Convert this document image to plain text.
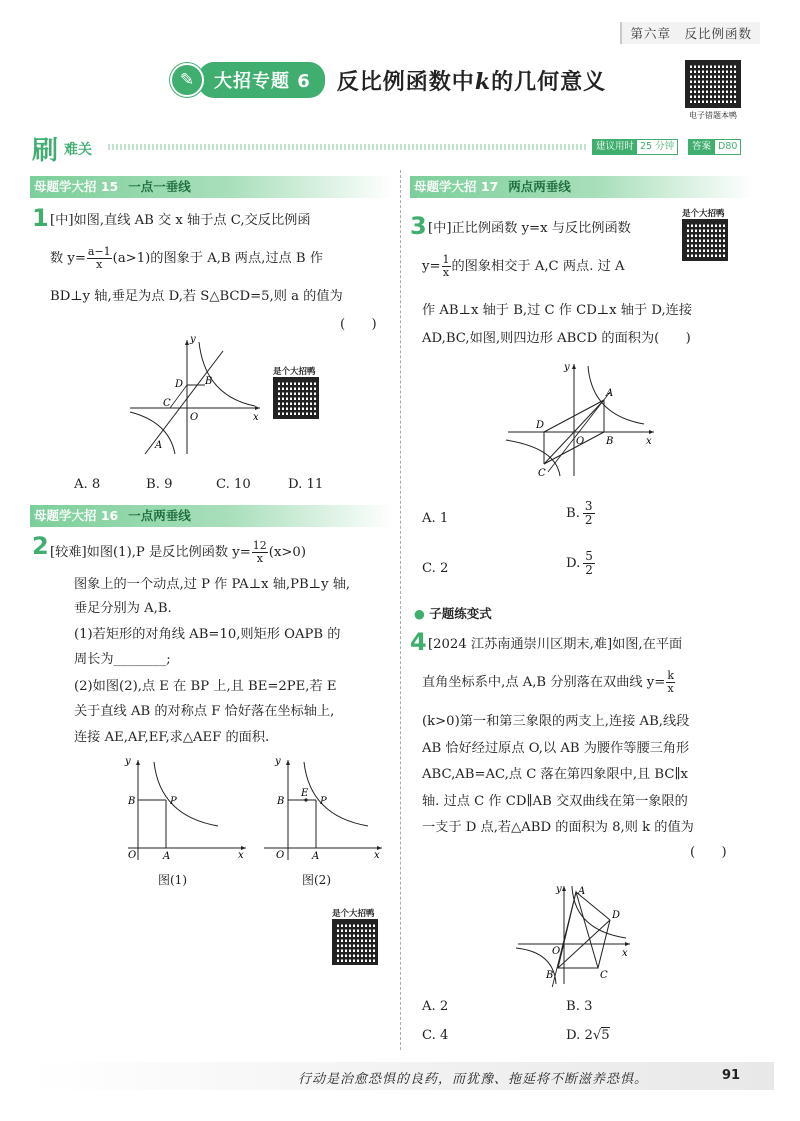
第六章　反比例函数
✎	大招专题 6	反比例函数中k的几何意义
电子错题本鸭
刷 难关	建议用时 25 分钟	答案 D80
母题学大招 15 一点一垂线
1 [中]如图,直线 AB 交 x 轴于点 C,交反比例函
数 $y= \frac{a-1}{x} (a>1)$的图象于 A,B 两点,过点 B 作
BD⊥y 轴,垂足为点 D,若 S△BCD=5,则 a 的值为
(　　)
y
x
O
D B
C
A
是个大招鸭
A. 8	B. 9	C. 10	D. 11
母题学大招 16 一点两垂线
2 [较难]如图(1),P 是反比例函数 $y= \frac{12}{x} (x>0)$
图象上的一个动点,过 P 作 PA⊥x 轴,PB⊥y 轴,
垂足分别为 A,B.
(1)若矩形的对角线 AB=10,则矩形 OAPB 的
周长为________;
(2)如图(2),点 E 在 BP 上,且 BE=2PE,若 E
关于直线 AB 的对称点 F 恰好落在坐标轴上,
连接 AE,AF,EF,求△AEF 的面积.
y
x
O	A
B	P
图(1)
y
x
O	A
B
E
P
图(2)
是个大招鸭
母题学大招 17 两点两垂线
3 [中]正比例函数 y=x 与反比例函数
$y= \frac{1}{x}$ 的图象相交于 A,C 两点. 过 A
作 AB⊥x 轴于 B,过 C 作 CD⊥x 轴于 D,连接
AD,BC,如图,则四边形 ABCD 的面积为(　　)
是个大招鸭
y
x
O
A
B
D
C
A. 1	B. $\frac{3}{2}$
C. 2	D. $\frac{5}{2}$
● 子题练变式
4 [2024 江苏南通崇川区期末,难]如图,在平面
直角坐标系中,点 A,B 分别落在双曲线 $y= \frac{k}{x}$
(k>0)第一和第三象限的两支上,连接 AB,线段
AB 恰好经过原点 O,以 AB 为腰作等腰三角形
ABC,AB=AC,点 C 落在第四象限中,且 BC∥x
轴. 过点 C 作 CD∥AB 交双曲线在第一象限的
一支于 D 点,若△ABD 的面积为 8,则 k 的值为
(　　)
y
x
O
A
D
B	C
A. 2	B. 3
C. 4	D. 2√5
行动是治愈恐惧的良药，而犹豫、拖延将不断滋养恐惧。	91
